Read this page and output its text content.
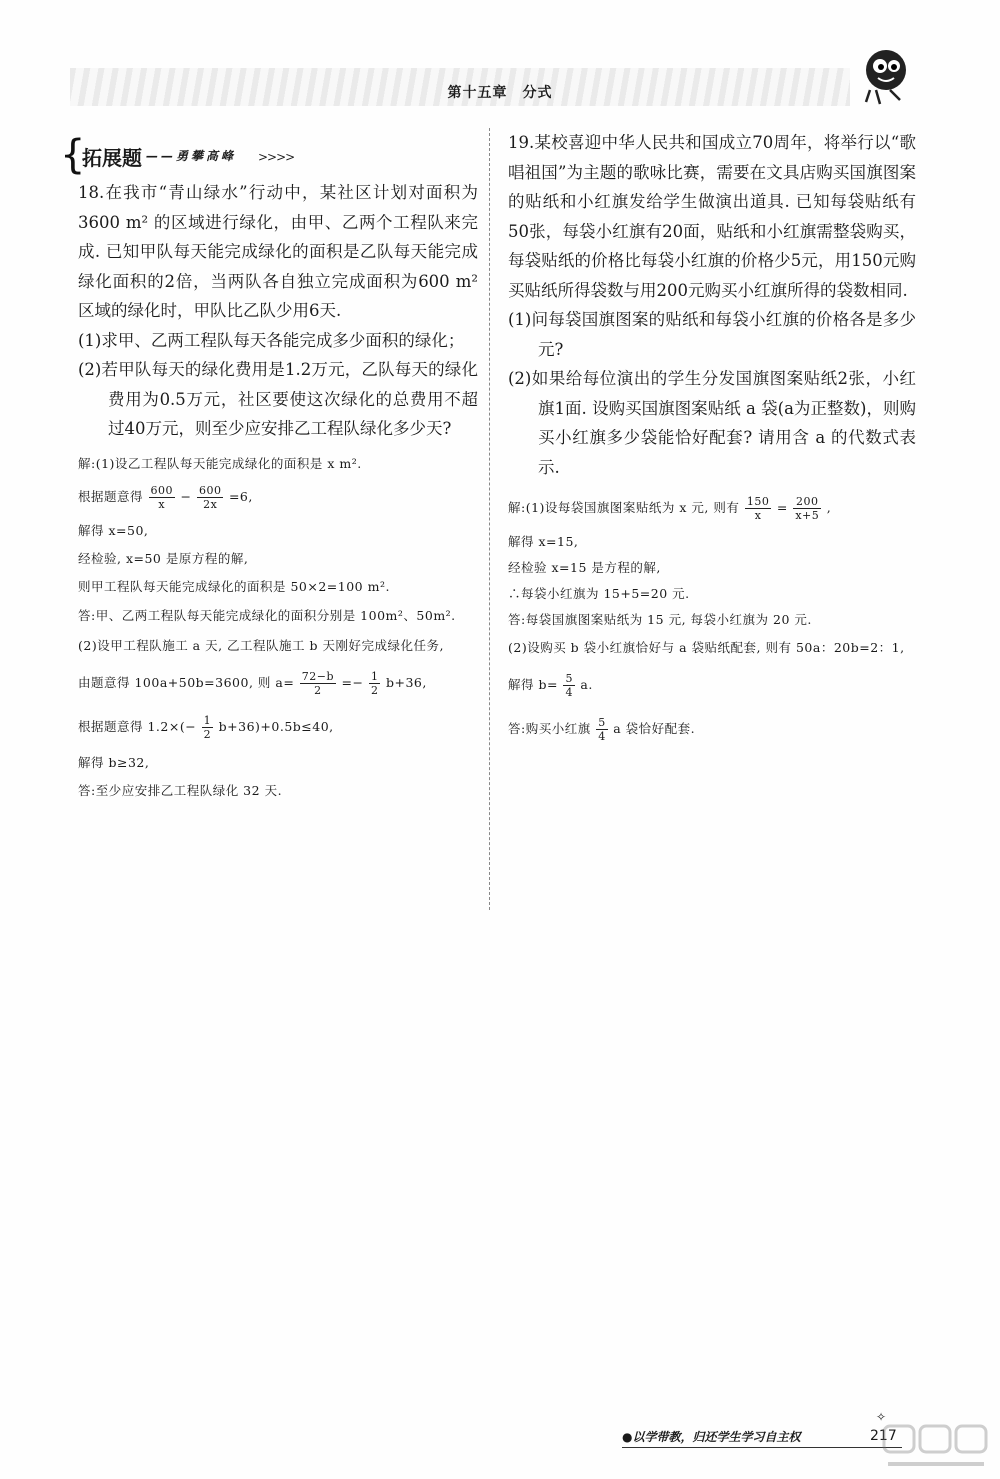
第十五章　分式
{
拓展题 ——勇攀高峰 >>>>

18.在我市“青山绿水”行动中，某社区计划对面积为3600 m² 的区域进行绿化，由甲、乙两个工程队来完成. 已知甲队每天能完成绿化的面积是乙队每天能完成绿化面积的2倍，当两队各自独立完成面积为600 m² 区域的绿化时，甲队比乙队少用6天.

(1)求甲、乙两工程队每天各能完成多少面积的绿化；

(2)若甲队每天的绿化费用是1.2万元，乙队每天的绿化费用为0.5万元，社区要使这次绿化的总费用不超过40万元，则至少应安排乙工程队绿化多少天?

解:(1)设乙工程队每天能完成绿化的面积是 x m².

根据题意得 $\frac{600}{x} - \frac{600}{2x} =6$,

解得 x=50,

经检验, x=50 是原方程的解,

则甲工程队每天能完成绿化的面积是 50×2=100 m².

答:甲、乙两工程队每天能完成绿化的面积分别是 100m²、50m².

(2)设甲工程队施工 a 天, 乙工程队施工 b 天刚好完成绿化任务,

由题意得 100a+50b=3600, 则 $a= \frac{72-b}{2} =- \frac{1}{2} b+36$,

根据题意得 $1.2\times(- \frac{1}{2} b+36)+0.5b\le 40$,

解得 b≥32,

答:至少应安排乙工程队绿化 32 天.

19.某校喜迎中华人民共和国成立70周年，将举行以“歌唱祖国”为主题的歌咏比赛，需要在文具店购买国旗图案的贴纸和小红旗发给学生做演出道具. 已知每袋贴纸有50张，每袋小红旗有20面，贴纸和小红旗需整袋购买，每袋贴纸的价格比每袋小红旗的价格少5元，用150元购买贴纸所得袋数与用200元购买小红旗所得的袋数相同.

(1)问每袋国旗图案的贴纸和每袋小红旗的价格各是多少元?

(2)如果给每位演出的学生分发国旗图案贴纸2张，小红旗1面. 设购买国旗图案贴纸 a 袋(a为正整数)，则购买小红旗多少袋能恰好配套? 请用含 a 的代数式表示.

解:(1)设每袋国旗图案贴纸为 x 元, 则有 $\frac{150}{x} = \frac{200}{x+5}$ ,

解得 x=15,

经检验 x=15 是方程的解,

∴每袋小红旗为 15+5=20 元.

答:每袋国旗图案贴纸为 15 元, 每袋小红旗为 20 元.

(2)设购买 b 袋小红旗恰好与 a 袋贴纸配套, 则有 50a：20b=2：1,

解得 $b= \frac{5}{4} a$.

答:购买小红旗 $\frac{5}{4}$ a 袋恰好配套.

✧
●以学带教，归还学生学习自主权	217
